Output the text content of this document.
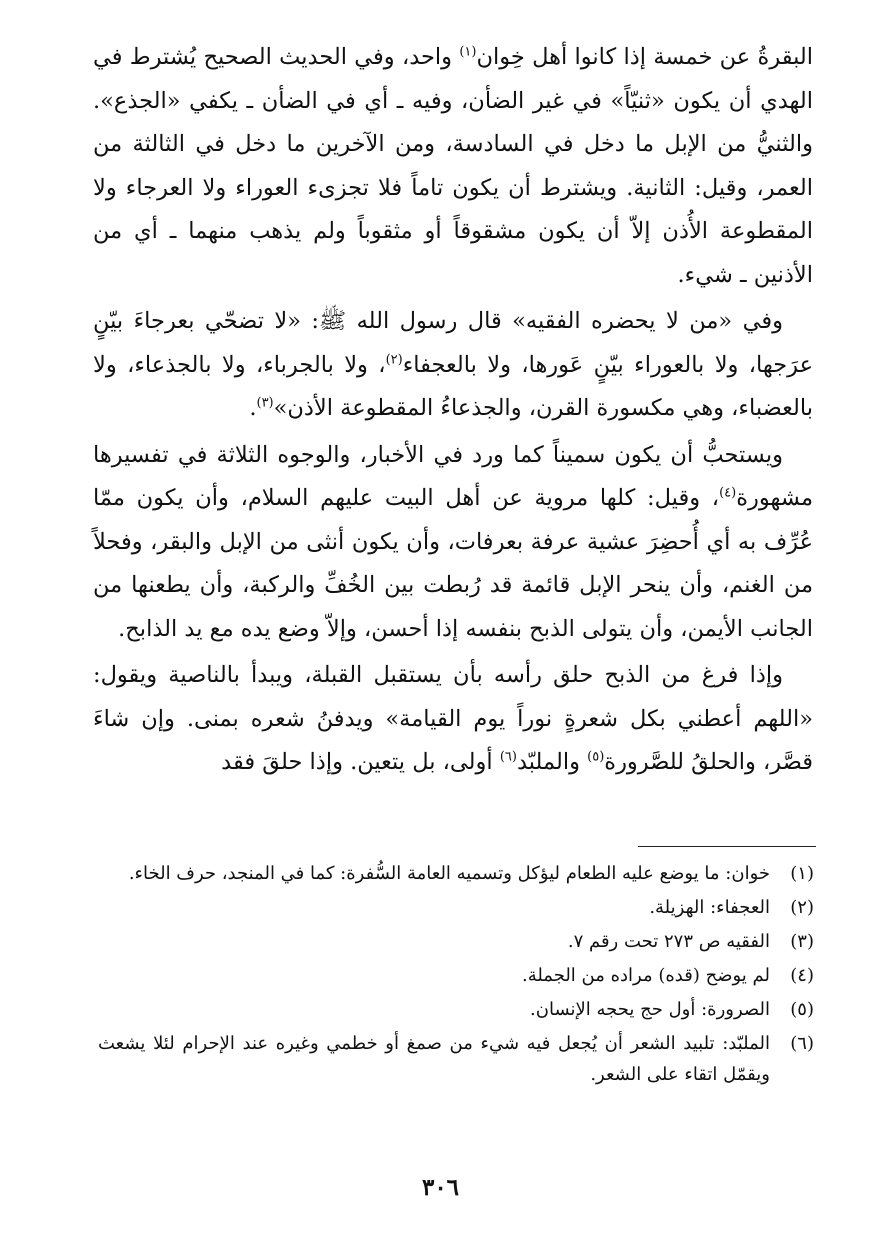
البقرةُ عن خمسة إذا كانوا أهل خِوان$^{(١)}$ واحد، وفي الحديث الصحيح يُشترط في الهدي أن يكون «ثنيّاً» في غير الضأن، وفيه ـ أي في الضأن ـ يكفي «الجذع». والثنيُّ من الإبل ما دخل في السادسة، ومن الآخرين ما دخل في الثالثة من العمر، وقيل: الثانية. ويشترط أن يكون تاماً فلا تجزىء العوراء ولا العرجاء ولا المقطوعة الأُذن إلاّ أن يكون مشقوقاً أو مثقوباً ولم يذهب منهما ـ أي من الأذنين ـ شيء.

وفي «من لا يحضره الفقيه» قال رسول الله ﷺ: «لا تضحّي بعرجاءَ بيّنٍ عرَجها، ولا بالعوراء بيّنٍ عَورها، ولا بالعجفاء$^{(٢)}$، ولا بالجرباء، ولا بالجذعاء، ولا بالعضباء، وهي مكسورة القرن، والجذعاءُ المقطوعة الأذن»$^{(٣)}$.

ويستحبُّ أن يكون سميناً كما ورد في الأخبار، والوجوه الثلاثة في تفسيرها مشهورة$^{(٤)}$، وقيل: كلها مروية عن أهل البيت عليهم السلام، وأن يكون ممّا عُرِّف به أي أُحضِرَ عشية عرفة بعرفات، وأن يكون أنثى من الإبل والبقر، وفحلاً من الغنم، وأن ينحر الإبل قائمة قد رُبطت بين الخُفِّ والركبة، وأن يطعنها من الجانب الأيمن، وأن يتولى الذبح بنفسه إذا أحسن، وإلاّ وضع يده مع يد الذابح.

وإذا فرغ من الذبح حلق رأسه بأن يستقبل القبلة، ويبدأ بالناصية ويقول: «اللهم أعطني بكل شعرةٍ نوراً يوم القيامة» ويدفنُ شعره بمنى. وإن شاءَ قصَّر، والحلقُ للصَّرورة$^{(٥)}$ والملبّد$^{(٦)}$ أولى، بل يتعين. وإذا حلقَ فقد

(١)
خوان: ما يوضع عليه الطعام ليؤكل وتسميه العامة السُّفرة: كما في المنجد، حرف الخاء.
(٢)
العجفاء: الهزيلة.
(٣)
الفقيه ص ٢٧٣ تحت رقم ٧.
(٤)
لم يوضح (قده) مراده من الجملة.
(٥)
الصرورة: أول حج يحجه الإنسان.
(٦)
الملبّد: تلبيد الشعر أن يُجعل فيه شيء من صمغ أو خطمي وغيره عند الإحرام لئلا يشعث ويقمّل اتقاء على الشعر.
٣٠٦
